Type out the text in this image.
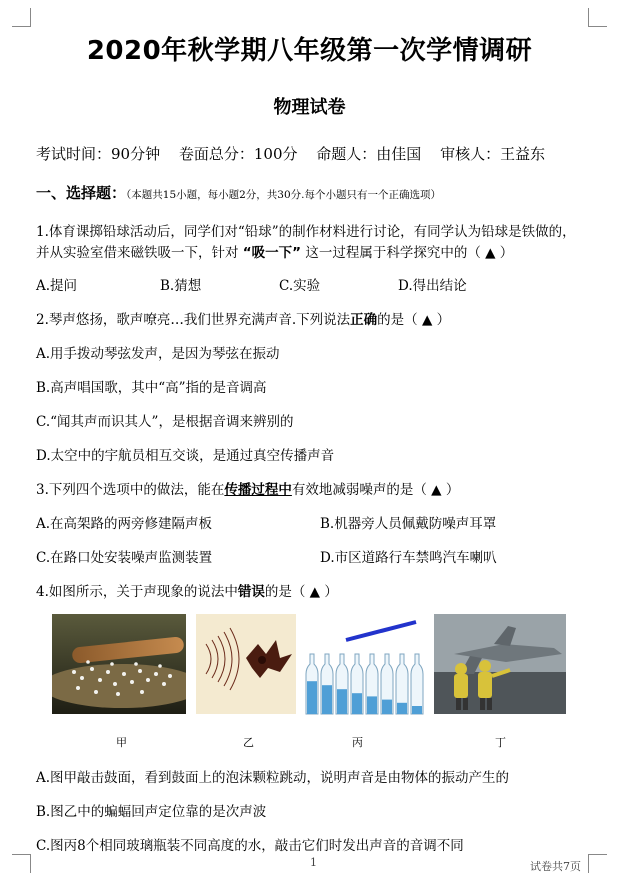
2020年秋学期八年级第一次学情调研
物理试卷
考试时间：90分钟 卷面总分：100分 命题人：由佳国 审核人：王益东
一、选择题：（本题共15小题，每小题2分，共30分.每个小题只有一个正确选项）
1.体育课掷铅球活动后，同学们对“铅球”的制作材料进行讨论，有同学认为铅球是铁做的，
并从实验室借来磁铁吸一下，针对 “吸一下” 这一过程属于科学探究中的（ ▲ ）
A.提问	B.猜想	C.实验	D.得出结论
2.琴声悠扬，歌声嘹亮…我们世界充满声音.下列说法正确的是（ ▲ ）
A.用手拨动琴弦发声，是因为琴弦在振动
B.高声唱国歌，其中“高”指的是音调高
C.“闻其声而识其人”，是根据音调来辨别的
D.太空中的宇航员相互交谈，是通过真空传播声音
3.下列四个选项中的做法，能在传播过程中有效地减弱噪声的是（ ▲ ）
A.在高架路的两旁修建隔声板	B.机器旁人员佩戴防噪声耳罩
C.在路口处安装噪声监测装置	D.市区道路行车禁鸣汽车喇叭
4.如图所示，关于声现象的说法中错误的是（ ▲ ）
甲	乙	丙	丁
A.图甲敲击鼓面，看到鼓面上的泡沫颗粒跳动，说明声音是由物体的振动产生的
B.图乙中的蝙蝠回声定位靠的是次声波
C.图丙8个相同玻璃瓶装不同高度的水，敲击它们时发出声音的音调不同
1	试卷共7页
